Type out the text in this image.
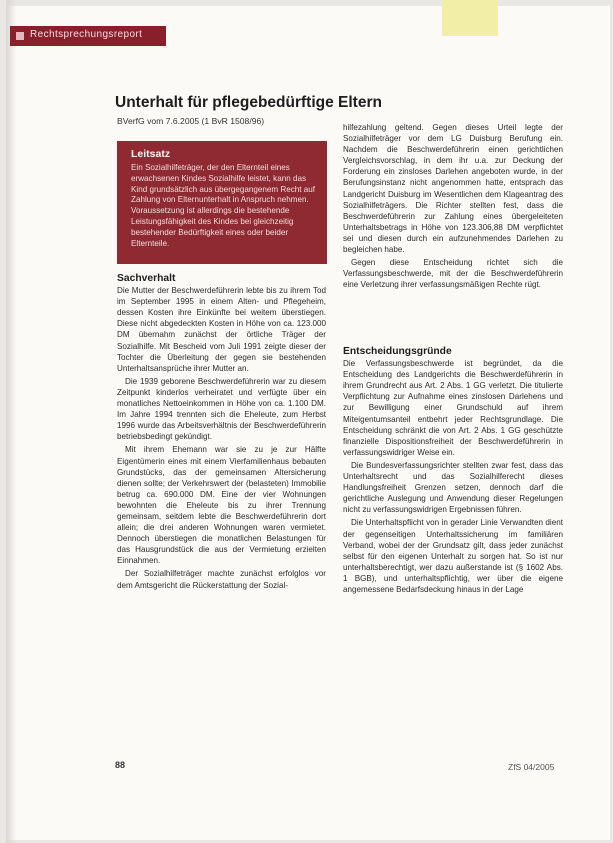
Rechtsprechungsreport
Unterhalt für pflegebedürftige Eltern
BVerfG vom 7.6.2005 (1 BvR 1508/96)
Leitsatz

Ein Sozialhilfeträger, der den Elternteil eines erwachsenen Kindes Sozialhilfe leistet, kann das Kind grundsätzlich aus übergegangenem Recht auf Zahlung von Elternunterhalt in Anspruch nehmen. Voraussetzung ist allerdings die bestehende Leistungsfähigkeit des Kindes bei gleichzeitig bestehender Bedürftigkeit eines oder beider Elternteile.

Sachverhalt

Die Mutter der Beschwerdeführerin lebte bis zu ihrem Tod im September 1995 in einem Alten- und Pflegeheim, dessen Kosten ihre Einkünfte bei weitem überstiegen. Diese nicht abgedeckten Kosten in Höhe von ca. 123.000 DM übernahm zunächst der örtliche Träger der Sozialhilfe. Mit Bescheid vom Juli 1991 zeigte dieser der Tochter die Überleitung der gegen sie bestehenden Unterhaltsansprüche ihrer Mutter an.

Die 1939 geborene Beschwerdeführerin war zu diesem Zeitpunkt kinderlos verheiratet und verfügte über ein monatliches Nettoeinkommen in Höhe von ca. 1.100 DM. Im Jahre 1994 trennten sich die Eheleute, zum Herbst 1996 wurde das Arbeitsverhältnis der Beschwerdeführerin betriebsbedingt gekündigt.

Mit ihrem Ehemann war sie zu je zur Hälfte Eigentümerin eines mit einem Vierfamilienhaus bebauten Grundstücks, das der gemeinsamen Altersicherung dienen sollte; der Verkehrswert der (belasteten) Immobilie betrug ca. 690.000 DM. Eine der vier Wohnungen bewohnten die Eheleute bis zu ihrer Trennung gemeinsam, seitdem lebte die Beschwerdeführerin dort allein; die drei anderen Wohnungen waren vermietet. Dennoch überstiegen die monatlichen Belastungen für das Hausgrundstück die aus der Vermietung erzielten Einnahmen.

Der Sozialhilfeträger machte zunächst erfolglos vor dem Amtsgericht die Rückerstattung der Sozial-

hilfezahlung geltend. Gegen dieses Urteil legte der Sozialhilfeträger vor dem LG Duisburg Berufung ein. Nachdem die Beschwerdeführerin einen gerichtlichen Vergleichsvorschlag, in dem ihr u.a. zur Deckung der Forderung ein zinsloses Darlehen angeboten wurde, in der Berufungsinstanz nicht angenommen hatte, entsprach das Landgericht Duisburg im Wesentlichen dem Klageantrag des Sozialhilfeträgers. Die Richter stellten fest, dass die Beschwerdeführerin zur Zahlung eines übergeleiteten Unterhaltsbetrags in Höhe von 123.306,88 DM verpflichtet sei und diesen durch ein aufzunehmendes Darlehen zu begleichen habe.

Gegen diese Entscheidung richtet sich die Verfassungsbeschwerde, mit der die Beschwerdeführerin eine Verletzung ihrer verfassungsmäßigen Rechte rügt.

Entscheidungsgründe

Die Verfassungsbeschwerde ist begründet, da die Entscheidung des Landgerichts die Beschwerdeführerin in ihrem Grundrecht aus Art. 2 Abs. 1 GG verletzt. Die titulierte Verpflichtung zur Aufnahme eines zinslosen Darlehens und zur Bewilligung einer Grundschuld auf ihrem Miteigentumsanteil entbehrt jeder Rechtsgrundlage. Die Entscheidung schränkt die von Art. 2 Abs. 1 GG geschützte finanzielle Dispositionsfreiheit der Beschwerdeführerin in verfassungswidriger Weise ein.

Die Bundesverfassungsrichter stellten zwar fest, dass das Unterhaltsrecht und das Sozialhilferecht dieses Handlungsfreiheit Grenzen setzen, dennoch darf die gerichtliche Auslegung und Anwendung dieser Regelungen nicht zu verfassungswidrigen Ergebnissen führen.

Die Unterhaltspflicht von in gerader Linie Verwandten dient der gegenseitigen Unterhaltssicherung im familiären Verband, wobei der der Grundsatz gilt, dass jeder zunächst selbst für den eigenen Unterhalt zu sorgen hat. So ist nur unterhaltsberechtigt, wer dazu außerstande ist (§ 1602 Abs. 1 BGB), und unterhaltspflichtig, wer über die eigene angemessene Bedarfsdeckung hinaus in der Lage

88	ZfS 04/2005
